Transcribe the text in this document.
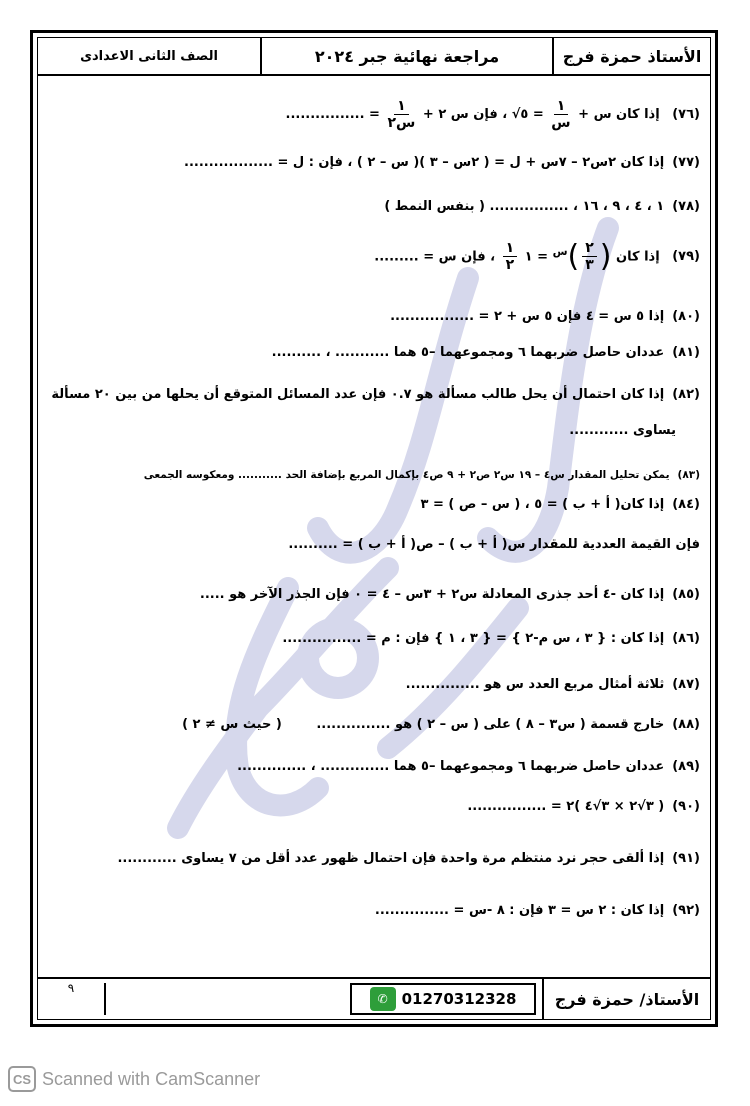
الأستاذ حمزة فرج
مراجعة نهائية جبر ٢٠٢٤
الصف الثانى الاعدادى
(٧٦) إذا كان س +
$\frac{١}{\text{س}}$
= ٥√ ، فإن س ٢ +
$\frac{١}{\text{س٢}}$
= ................
(٧٧)إذا كان ٢س٢ – ٧س + ل = ( ٢س – ٣ )( س – ٢ ) ، فإن : ل = ..................
(٧٨)١ ، ٤ ، ٩ ، ١٦ ، ................ ( بنفس النمط )
(٧٩) إذا كان (
$\frac{٢}{٣}$
)$^س$ = ١
$\frac{١}{٢}$
، فإن س = .........
(٨٠)إذا ٥ س = ٤ فإن ٥ س + ٢ = .................
(٨١)عددان حاصل ضربهما ٦ ومجموعهما –٥ هما ........... ، ..........
(٨٢)إذا كان احتمال أن يحل طالب مسألة هو ٠.٧ فإن عدد المسائل المتوقع أن يحلها من بين ٢٠ مسألة
يساوى ............
(٨٣)يمكن تحليل المقدار س٤ – ١٩ س٢ ص٢ + ٩ ص٤ بإكمال المربع بإضافة الحد ........... ومعكوسه الجمعى
(٨٤)إذا كان( أ + ب ) = ٥ ، ( س – ص ) = ٣
فإن القيمة العددية للمقدار س( أ + ب ) – ص( أ + ب ) = ..........
(٨٥)إذا كان -٤ أحد جذرى المعادلة س٢ + ٣س – ٤ = ٠ فإن الجذر الآخر هو .....
(٨٦)إذا كان : { ٣ ، س م-٢ } = { ٣ ، ١ } فإن : م = ................
(٨٧)ثلاثة أمثال مربع العدد س هو ...............
(٨٨)خارج قسمة ( س٣ – ٨ ) على ( س – ٢ ) هو ............... ( حيث س ≠ ٢ )
(٨٩)عددان حاصل ضربهما ٦ ومجموعهما –٥ هما .............. ، ..............
(٩٠)( ٣√٢ × ٣√٤ )٢ = ................
(٩١)إذا ألقى حجر نرد منتظم مرة واحدة فإن احتمال ظهور عدد أقل من ٧ يساوى ............
(٩٢)إذا كان : ٢ س = ٣ فإن : ٨ -س = ...............
الأستاذ/ حمزة فرج
✆ 01270312328
٩
CS Scanned with CamScanner
